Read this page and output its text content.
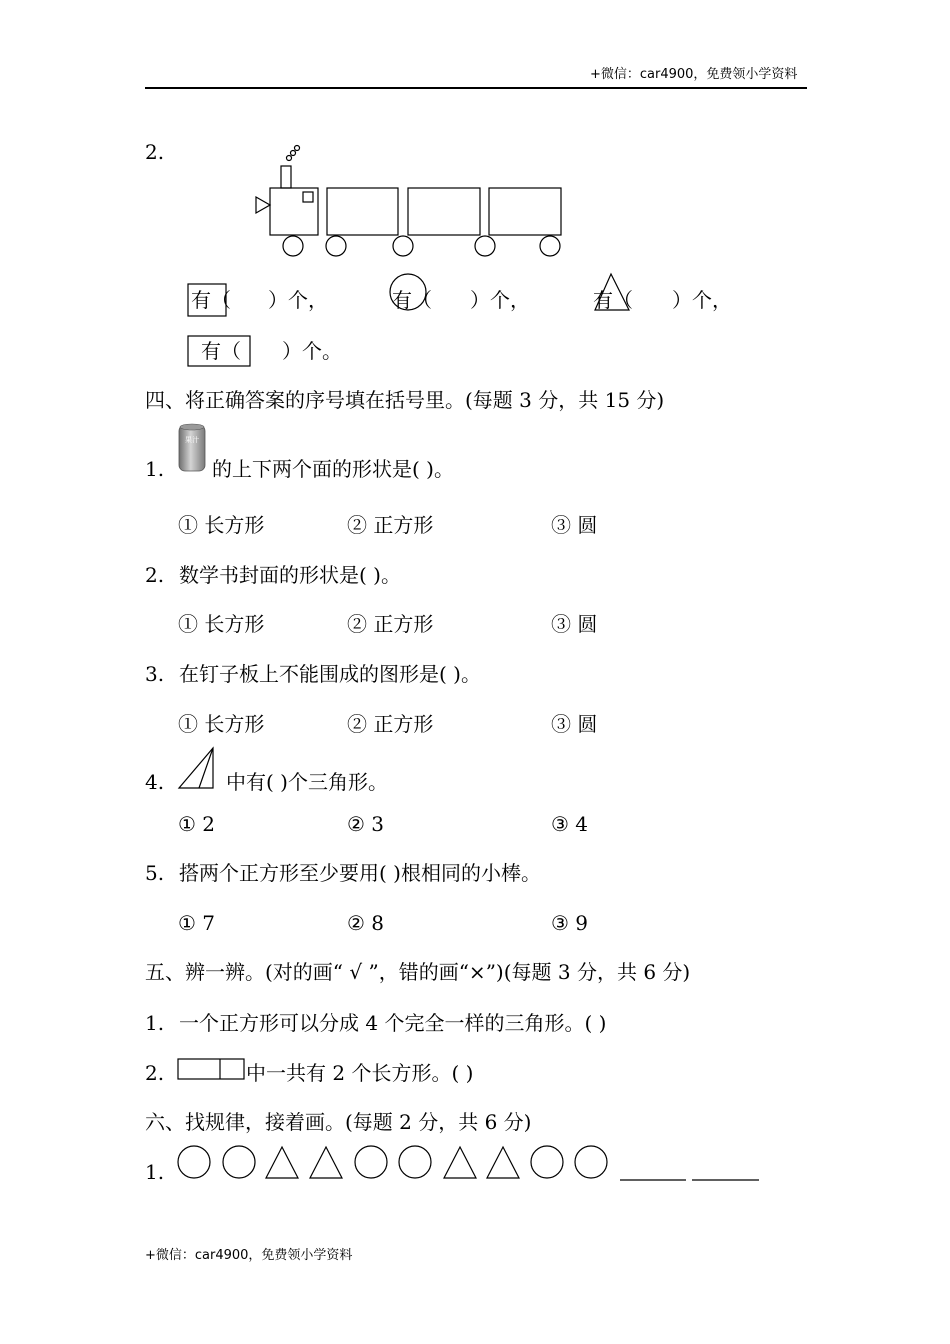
+微信：car4900，免费领小学资料
2.
有（ ）个，	有（ ）个，	有（ ）个，
有（ ）个。
四、将正确答案的序号填在括号里。(每题 3 分，共 15 分)
1.
果汁
的上下两个面的形状是( )。
① 长方形	② 正方形	③ 圆
2. 数学书封面的形状是( )。
① 长方形	② 正方形	③ 圆
3. 在钉子板上不能围成的图形是( )。
① 长方形	② 正方形	③ 圆
4.	中有( )个三角形。
① 2	② 3	③ 4
5. 搭两个正方形至少要用( )根相同的小棒。
① 7	② 8	③ 9
五、辨一辨。(对的画“ √ ”，错的画“×”)(每题 3 分，共 6 分)
1. 一个正方形可以分成 4 个完全一样的三角形。( )
2.	中一共有 2 个长方形。( )
六、找规律，接着画。(每题 2 分，共 6 分)
1.
+微信：car4900，免费领小学资料
